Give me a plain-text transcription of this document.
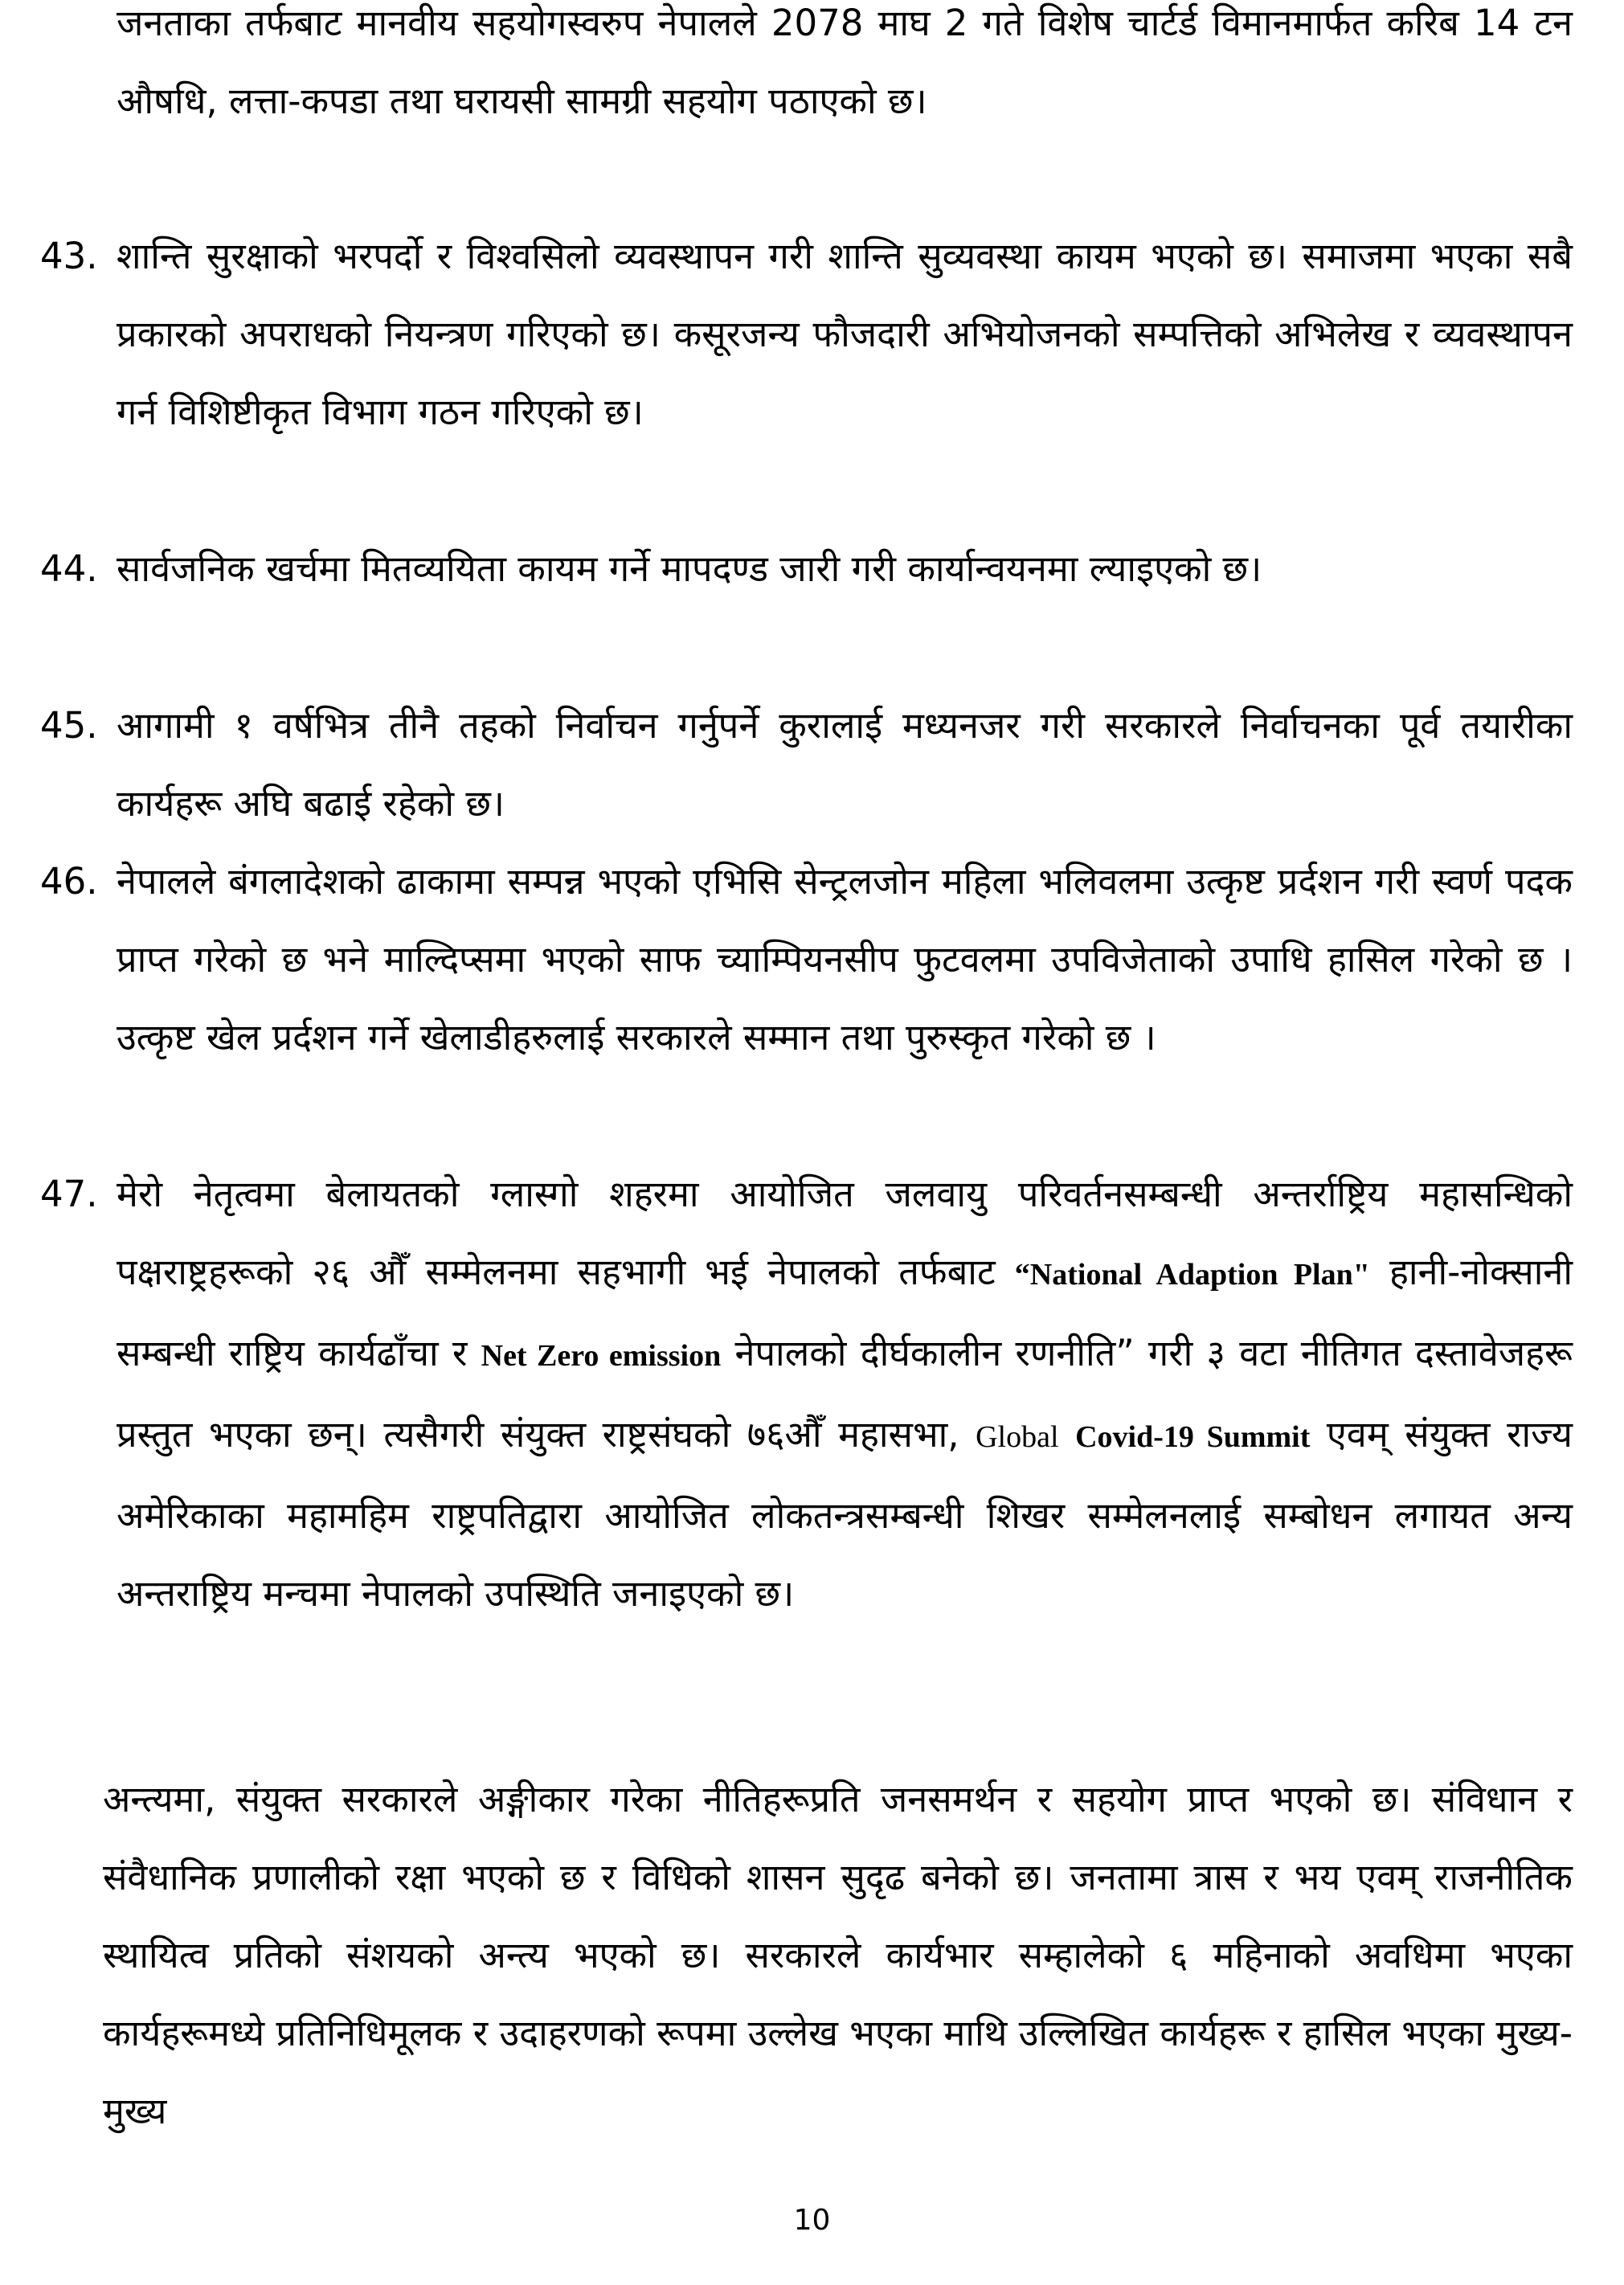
जनताका तर्फबाट मानवीय सहयोगस्वरुप नेपालले 2078 माघ 2 गते विशेष चार्टर्ड विमानमार्फत करिब 14 टन औषधि, लत्ता-कपडा तथा घरायसी सामग्री सहयोग पठाएको छ।
43. शान्ति सुरक्षाको भरपर्दो र विश्वसिलो व्यवस्थापन गरी शान्ति सुव्यवस्था कायम भएको छ। समाजमा भएका सबै प्रकारको अपराधको नियन्त्रण गरिएको छ। कसूरजन्य फौजदारी अभियोजनको सम्पत्तिको अभिलेख र व्यवस्थापन गर्न विशिष्टीकृत विभाग गठन गरिएको छ।
44. सार्वजनिक खर्चमा मितव्ययिता कायम गर्ने मापदण्ड जारी गरी कार्यान्वयनमा ल्याइएको छ।
45. आगामी १ वर्षभित्र तीनै तहको निर्वाचन गर्नुपर्ने कुरालाई मध्यनजर गरी सरकारले निर्वाचनका पूर्व तयारीका कार्यहरू अघि बढाई रहेको छ।
46. नेपालले बंगलादेशको ढाकामा सम्पन्न भएको एभिसि सेन्ट्रलजोन महिला भलिवलमा उत्कृष्ट प्रर्दशन गरी स्वर्ण पदक प्राप्त गरेको छ भने माल्दिप्समा भएको साफ च्याम्पियनसीप फुटवलमा उपविजेताको उपाधि हासिल गरेको छ । उत्कृष्ट खेल प्रर्दशन गर्ने खेलाडीहरुलाई सरकारले सम्मान तथा पुरुस्कृत गरेको छ ।
47. मेरो नेतृत्वमा बेलायतको ग्लास्गो शहरमा आयोजित जलवायु परिवर्तनसम्बन्धी अन्तर्राष्ट्रिय महासन्धिको पक्षराष्ट्रहरूको २६ औँ सम्मेलनमा सहभागी भई नेपालको तर्फबाट “National Adaption Plan" हानी-नोक्सानी सम्बन्धी राष्ट्रिय कार्यढाँचा र Net Zero emission नेपालको दीर्घकालीन रणनीति” गरी ३ वटा नीतिगत दस्तावेजहरू प्रस्तुत भएका छन्। त्यसैगरी संयुक्त राष्ट्रसंघको ७६औँ महासभा, Global Covid-19 Summit एवम् संयुक्त राज्य अमेरिकाका महामहिम राष्ट्रपतिद्वारा आयोजित लोकतन्त्रसम्बन्धी शिखर सम्मेलनलाई सम्बोधन लगायत अन्य अन्तराष्ट्रिय मन्चमा नेपालको उपस्थिति जनाइएको छ।
अन्त्यमा, संयुक्त सरकारले अङ्गीकार गरेका नीतिहरूप्रति जनसमर्थन र सहयोग प्राप्त भएको छ। संविधान र संवैधानिक प्रणालीको रक्षा भएको छ र विधिको शासन सुदृढ बनेको छ। जनतामा त्रास र भय एवम् राजनीतिक स्थायित्व प्रतिको संशयको अन्त्य भएको छ। सरकारले कार्यभार सम्हालेको ६ महिनाको अवधिमा भएका कार्यहरूमध्ये प्रतिनिधिमूलक र उदाहरणको रूपमा उल्लेख भएका माथि उल्लिखित कार्यहरू र हासिल भएका मुख्य-मुख्य
10
